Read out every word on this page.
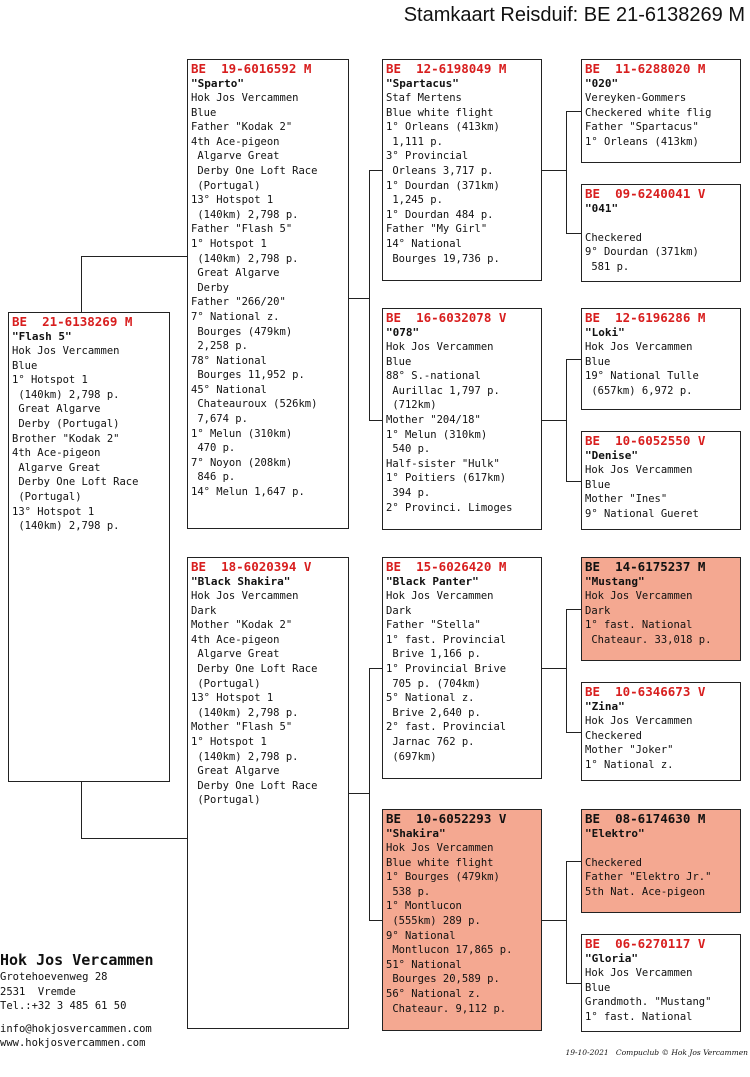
Stamkaart Reisduif: BE 21-6138269 M
BE  21-6138269 M
"Flash 5"
Hok Jos Vercammen
Blue
1° Hotspot 1
(140km) 2,798 p.
Great Algarve
Derby (Portugal)
Brother "Kodak 2"
4th Ace-pigeon
Algarve Great
Derby One Loft Race
(Portugal)
13° Hotspot 1
(140km) 2,798 p.
BE  19-6016592 M
"Sparto"
Hok Jos Vercammen
Blue
Father "Kodak 2"
4th Ace-pigeon
Algarve Great
Derby One Loft Race
(Portugal)
13° Hotspot 1
(140km) 2,798 p.
Father "Flash 5"
1° Hotspot 1
(140km) 2,798 p.
Great Algarve
Derby
Father "266/20"
7° National z.
Bourges (479km)
2,258 p.
78° National
Bourges 11,952 p.
45° National
Chateauroux (526km)
7,674 p.
1° Melun (310km)
470 p.
7° Noyon (208km)
846 p.
14° Melun 1,647 p.
BE  18-6020394 V
"Black Shakira"
Hok Jos Vercammen
Dark
Mother "Kodak 2"
4th Ace-pigeon
Algarve Great
Derby One Loft Race
(Portugal)
13° Hotspot 1
(140km) 2,798 p.
Mother "Flash 5"
1° Hotspot 1
(140km) 2,798 p.
Great Algarve
Derby One Loft Race
(Portugal)
BE  12-6198049 M
"Spartacus"
Staf Mertens
Blue white flight
1° Orleans (413km)
1,111 p.
3° Provincial
Orleans 3,717 p.
1° Dourdan (371km)
1,245 p.
1° Dourdan 484 p.
Father "My Girl"
14° National
Bourges 19,736 p.
BE  16-6032078 V
"078"
Hok Jos Vercammen
Blue
88° S.-national
Aurillac 1,797 p.
(712km)
Mother "204/18"
1° Melun (310km)
540 p.
Half-sister "Hulk"
1° Poitiers (617km)
394 p.
2° Provinci. Limoges
BE  15-6026420 M
"Black Panter"
Hok Jos Vercammen
Dark
Father "Stella"
1° fast. Provincial
Brive 1,166 p.
1° Provincial Brive
705 p. (704km)
5° National z.
Brive 2,640 p.
2° fast. Provincial
Jarnac 762 p.
(697km)
BE  10-6052293 V
"Shakira"
Hok Jos Vercammen
Blue white flight
1° Bourges (479km)
538 p.
1° Montlucon
(555km) 289 p.
9° National
Montlucon 17,865 p.
51° National
Bourges 20,589 p.
56° National z.
Chateaur. 9,112 p.
BE  11-6288020 M
"020"
Vereyken-Gommers
Checkered white flig
Father "Spartacus"
1° Orleans (413km)
BE  09-6240041 V
"041"
Checkered
9° Dourdan (371km)
581 p.
BE  12-6196286 M
"Loki"
Hok Jos Vercammen
Blue
19° National Tulle
(657km) 6,972 p.
BE  10-6052550 V
"Denise"
Hok Jos Vercammen
Blue
Mother "Ines"
9° National Gueret
BE  14-6175237 M
"Mustang"
Hok Jos Vercammen
Dark
1° fast. National
Chateaur. 33,018 p.
BE  10-6346673 V
"Zina"
Hok Jos Vercammen
Checkered
Mother "Joker"
1° National z.
BE  08-6174630 M
"Elektro"
Checkered
Father "Elektro Jr."
5th Nat. Ace-pigeon
BE  06-6270117 V
"Gloria"
Hok Jos Vercammen
Blue
Grandmoth. "Mustang"
1° fast. National
Hok Jos Vercammen
Grotehoevenweg 28
2531  Vremde
Tel.:+32 3 485 61 50
info@hokjosvercammen.com
www.hokjosvercammen.com
19-10-2021   Compuclub © Hok Jos Vercammen
